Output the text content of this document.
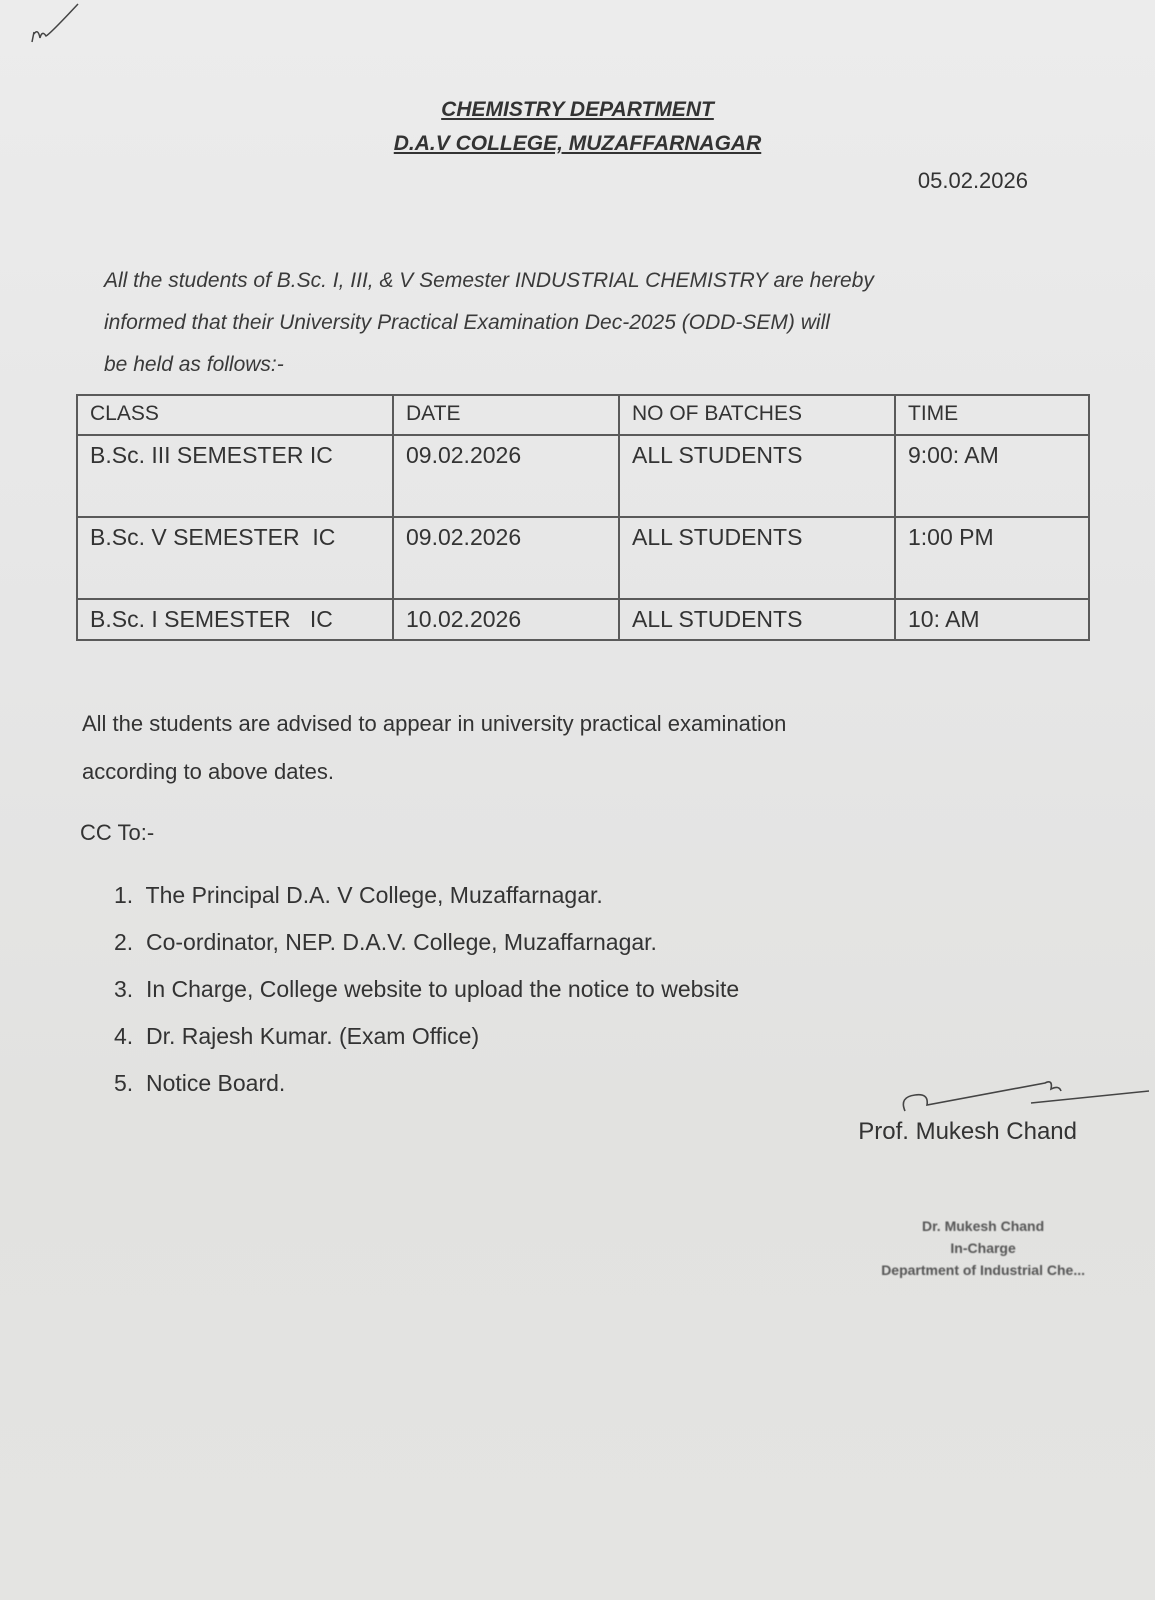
CHEMISTRY DEPARTMENT
D.A.V COLLEGE, MUZAFFARNAGAR
05.02.2026
All the students of B.Sc. I, III, & V Semester INDUSTRIAL CHEMISTRY are hereby
informed that their University Practical Examination Dec-2025 (ODD-SEM) will
be held as follows:-
CLASS	DATE	NO OF BATCHES	TIME
B.Sc. III SEMESTER IC	09.02.2026	ALL STUDENTS	9:00: AM
B.Sc. V SEMESTER  IC	09.02.2026	ALL STUDENTS	1:00 PM
B.Sc. I SEMESTER   IC	10.02.2026	ALL STUDENTS	10: AM
All the students are advised to appear in university practical examination
according to above dates.
CC To:-
1.  The Principal D.A. V College, Muzaffarnagar.
2.  Co-ordinator, NEP. D.A.V. College, Muzaffarnagar.
3.  In Charge, College website to upload the notice to website
4.  Dr. Rajesh Kumar. (Exam Office)
5.  Notice Board.
Prof. Mukesh Chand
Dr. Mukesh Chand
In-Charge
Department of Industrial Che...
